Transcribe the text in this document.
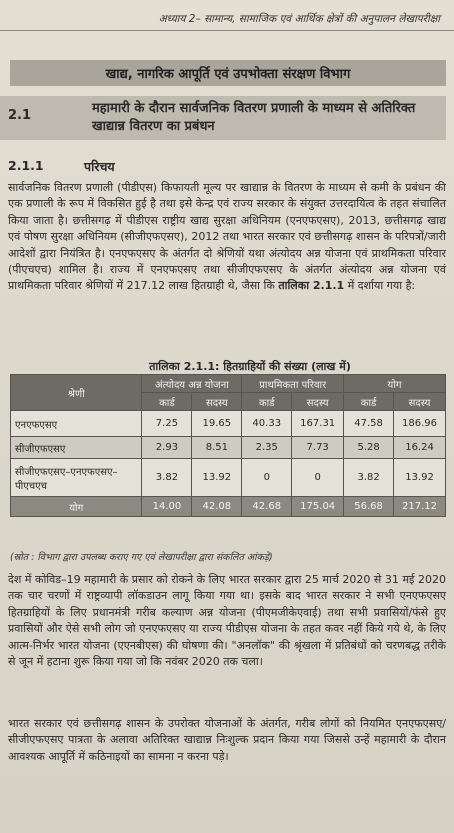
अध्याय 2– सामान्य, सामाजिक एवं आर्थिक क्षेत्रों की अनुपालन लेखापरीक्षा
खाद्य, नागरिक आपूर्ति एवं उपभोक्ता संरक्षण विभाग
2.1	महामारी के दौरान सार्वजनिक वितरण प्रणाली के माध्यम से अतिरिक्त खाद्यान्न वितरण का प्रबंधन
2.1.1	परिचय
सार्वजनिक वितरण प्रणाली (पीडीएस) किफायती मूल्य पर खाद्यान्न के वितरण के माध्यम से कमी के प्रबंधन की एक प्रणाली के रूप में विकसित हुई है तथा इसे केन्द्र एवं राज्य सरकार के संयुक्त उत्तरदायित्व के तहत संचालित किया जाता है। छत्तीसगढ़ में पीडीएस राष्ट्रीय खाद्य सुरक्षा अधिनियम (एनएफएसए), 2013, छत्तीसगढ़ खाद्य एवं पोषण सुरक्षा अधिनियम (सीजीएफएसए), 2012 तथा भारत सरकार एवं छत्तीसगढ़ शासन के परिपत्रों/जारी आदेशों द्वारा नियंत्रित है। एनएफएसए के अंतर्गत दो श्रेणियों यथा अंत्योदय अन्न योजना एवं प्राथमिकता परिवार (पीएचएच) शामिल है। राज्य में एनएफएसए तथा सीजीएफएसए के अंतर्गत अंत्योदय अन्न योजना एवं प्राथमिकता परिवार श्रेणियों में 217.12 लाख हितग्राही थे, जैसा कि तालिका 2.1.1 में दर्शाया गया है:
तालिका 2.1.1: हितग्राहियों की संख्या (लाख में)
श्रेणी	अंत्योदय अन्न योजना		प्राथमिकता परिवार		योग	
	कार्ड	सदस्य	कार्ड	सदस्य	कार्ड	सदस्य
एनएफएसए	7.25	19.65	40.33	167.31	47.58	186.96
सीजीएफएसए	2.93	8.51	2.35	7.73	5.28	16.24
सीजीएफएसए–एनएफएसए–पीएचएच	3.82	13.92	0	0	3.82	13.92
योग	14.00	42.08	42.68	175.04	56.68	217.12
(स्रोत : विभाग द्वारा उपलब्ध कराए गए एवं लेखापरीक्षा द्वारा संकलित आंकड़े)
देश में कोविड–19 महामारी के प्रसार को रोकने के लिए भारत सरकार द्वारा 25 मार्च 2020 से 31 मई 2020 तक चार चरणों में राष्ट्रव्यापी लॉकडाउन लागू किया गया था। इसके बाद भारत सरकार ने सभी एनएफएसए हितग्राहियों के लिए प्रधानमंत्री गरीब कल्याण अन्न योजना (पीएमजीकेएवाई) तथा सभी प्रवासियों/फंसे हुए प्रवासियों और ऐसे सभी लोग जो एनएफएसए या राज्य पीडीएस योजना के तहत कवर नहीं किये गये थे, के लिए आत्म-निर्भर भारत योजना (एएनबीएस) की घोषणा की। "अनलॉक" की श्रृंखला में प्रतिबंधों को चरणबद्ध तरीके से जून में हटाना शुरू किया गया जो कि नवंबर 2020 तक चला।
भारत सरकार एवं छत्तीसगढ़ शासन के उपरोक्त योजनाओं के अंतर्गत, गरीब लोगों को नियमित एनएफएसए/सीजीएफएसए पात्रता के अलावा अतिरिक्त खाद्यान्न निःशुल्क प्रदान किया गया जिससे उन्हें महामारी के दौरान आवश्यक आपूर्ति में कठिनाइयों का सामना न करना पड़े।
